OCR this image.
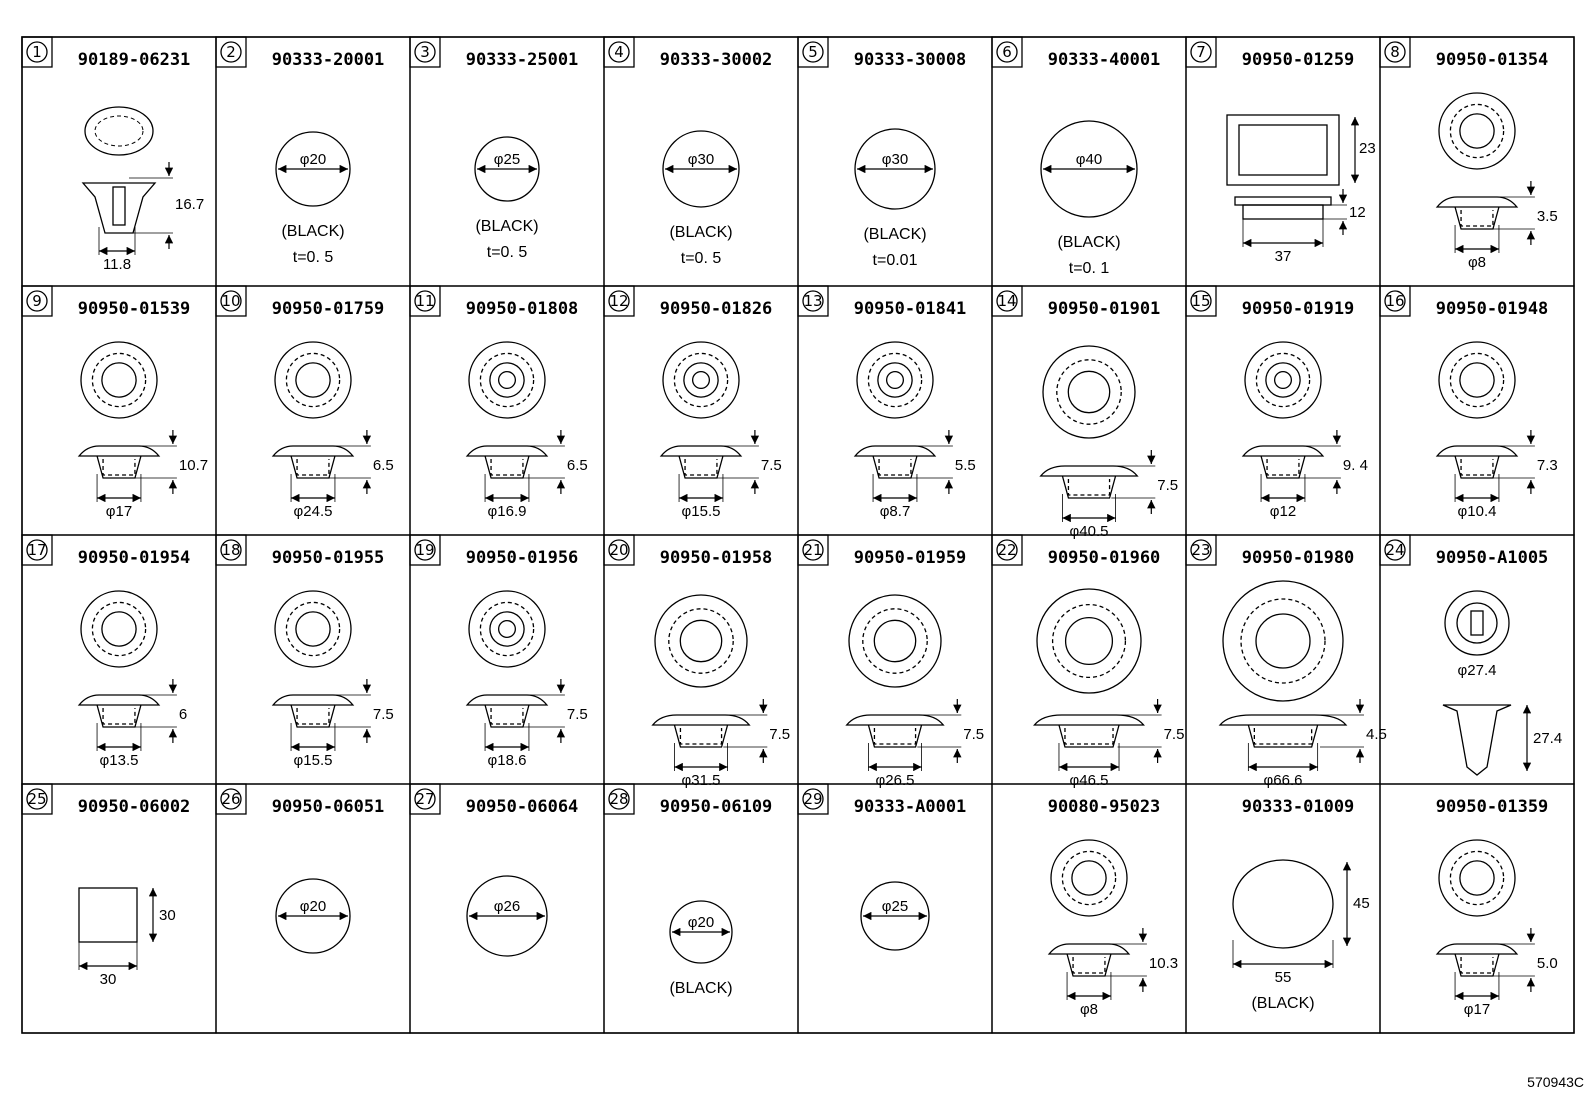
1 90189-06231
16.7
11.8
2 90333-20001
φ20
(BLACK)
t=0. 5
3 90333-25001
φ25
(BLACK)
t=0. 5
4 90333-30002
φ30
(BLACK)
t=0. 5
5 90333-30008
φ30
(BLACK)
t=0.01
6 90333-40001
φ40
(BLACK)
t=0. 1
7 90950-01259
23
12
37
8 90950-01354
3.5
φ8
9 90950-01539
10.7
φ17
10 90950-01759
6.5
φ24.5
11 90950-01808
6.5
φ16.9
12 90950-01826
7.5
φ15.5
13 90950-01841
5.5
φ8.7
14 90950-01901
7.5
φ40.5
15 90950-01919
9. 4
φ12
16 90950-01948
7.3
φ10.4
17 90950-01954
6
φ13.5
18 90950-01955
7.5
φ15.5
19 90950-01956
7.5
φ18.6
20 90950-01958
7.5
φ31.5
21 90950-01959
7.5
φ26.5
22 90950-01960
7.5
φ46.5
23 90950-01980
4.5
φ66.6
24 90950-A1005
φ27.4
27.4
25 90950-06002
30
30
26 90950-06051
φ20
27 90950-06064
φ26
28 90950-06109
φ20
(BLACK)
29 90333-A0001
φ25
90080-95023
10.3
φ8
90333-01009
45
55
(BLACK)
90950-01359
5.0
φ17
570943C
